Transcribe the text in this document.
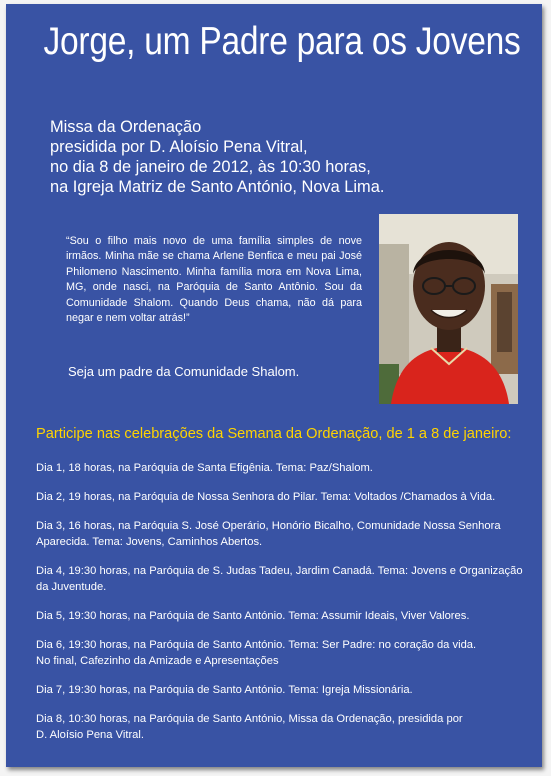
Jorge, um Padre para os Jovens
Missa da Ordenação
presidida por D. Aloísio Pena Vitral,
no dia 8 de janeiro de 2012, às 10:30 horas,
na Igreja Matriz de Santo António, Nova Lima.
“Sou o filho mais novo de uma família simples de nove irmãos. Minha mãe se chama Arlene Benfica e meu pai José Philomeno Nascimento. Minha família mora em Nova Lima, MG, onde nasci, na Paróquia de Santo Antônio. Sou da Comunidade Shalom. Quando Deus chama, não dá para negar e nem voltar atrás!”
Seja um padre da Comunidade Shalom.
Participe nas celebrações da Semana da Ordenação, de 1 a 8 de janeiro:
Dia 1, 18 horas, na Paróquia de Santa Efigênia. Tema: Paz/Shalom.
Dia 2, 19 horas, na Paróquia de Nossa Senhora do Pilar. Tema: Voltados /Chamados à Vida.
Dia 3, 16 horas, na Paróquia S. José Operário, Honório Bicalho, Comunidade Nossa Senhora
Aparecida. Tema: Jovens, Caminhos Abertos.
Dia 4, 19:30 horas, na Paróquia de S. Judas Tadeu, Jardim Canadá. Tema: Jovens e Organização
da Juventude.
Dia 5, 19:30 horas, na Paróquia de Santo António. Tema: Assumir Ideais, Viver Valores.
Dia 6, 19:30 horas, na Paróquia de Santo António. Tema: Ser Padre: no coração da vida.
No final, Cafezinho da Amizade e Apresentações
Dia 7, 19:30 horas, na Paróquia de Santo António. Tema: Igreja Missionária.
Dia 8, 10:30 horas, na Paróquia de Santo António, Missa da Ordenação, presidida por
D. Aloísio Pena Vitral.
